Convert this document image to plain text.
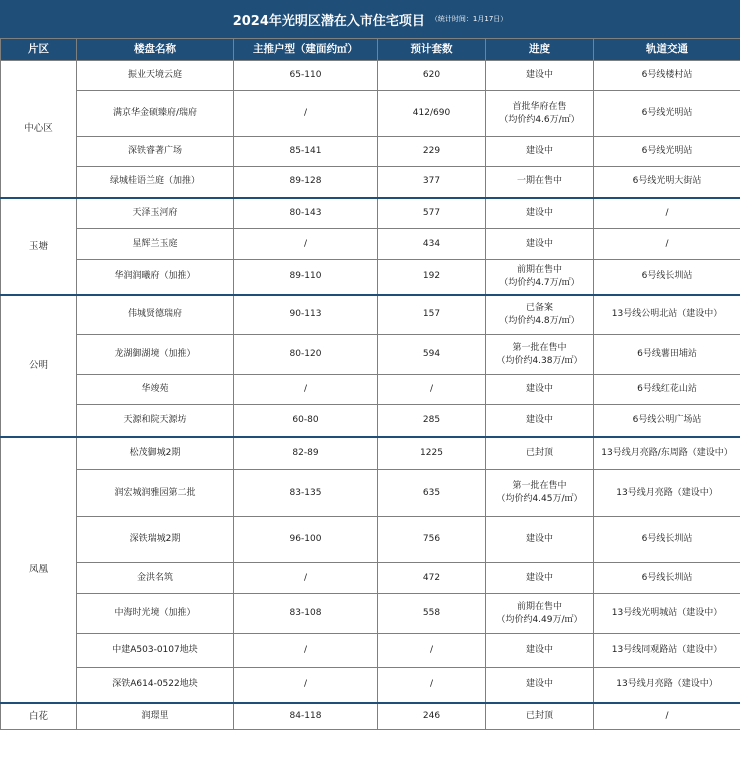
2024年光明区潜在入市住宅项目 （统计时间：1月17日）
片区	楼盘名称	主推户型（建面约㎡）	预计套数	进度	轨道交通
中心区	振业天境云庭	65-110	620	建设中	6号线楼村站
	满京华金硕臻府/瑞府	/	412/690	首批华府在售
（均价约4.6万/㎡）	6号线光明站
	深铁睿著广场	85-141	229	建设中	6号线光明站
	绿城桂语兰庭（加推）	89-128	377	一期在售中	6号线光明大街站
玉塘	天泽玉河府	80-143	577	建设中	/
	星辉兰玉庭	/	434	建设中	/
	华润润曦府（加推）	89-110	192	前期在售中
（均价约4.7万/㎡）	6号线长圳站
公明	伟城贤德瑞府	90-113	157	已备案
（均价约4.8万/㎡）	13号线公明北站（建设中）
	龙湖御湖境（加推）	80-120	594	第一批在售中
（均价约4.38万/㎡）	6号线薯田埔站
	华竣苑	/	/	建设中	6号线红花山站
	天源和院天源坊	60-80	285	建设中	6号线公明广场站
凤凰	松茂御城2期	82-89	1225	已封顶	13号线月亮路/东周路（建设中）
	润宏城润雅园第二批	83-135	635	第一批在售中
（均价约4.45万/㎡）	13号线月亮路（建设中）
	深铁瑞城2期	96-100	756	建设中	6号线长圳站
	金洪名筑	/	472	建设中	6号线长圳站
	中海时光境（加推）	83-108	558	前期在售中
（均价约4.49万/㎡）	13号线光明城站（建设中）
	中建A503-0107地块	/	/	建设中	13号线同观路站（建设中）
	深铁A614-0522地块	/	/	建设中	13号线月亮路（建设中）
白花	润璟里	84-118	246	已封顶	/
